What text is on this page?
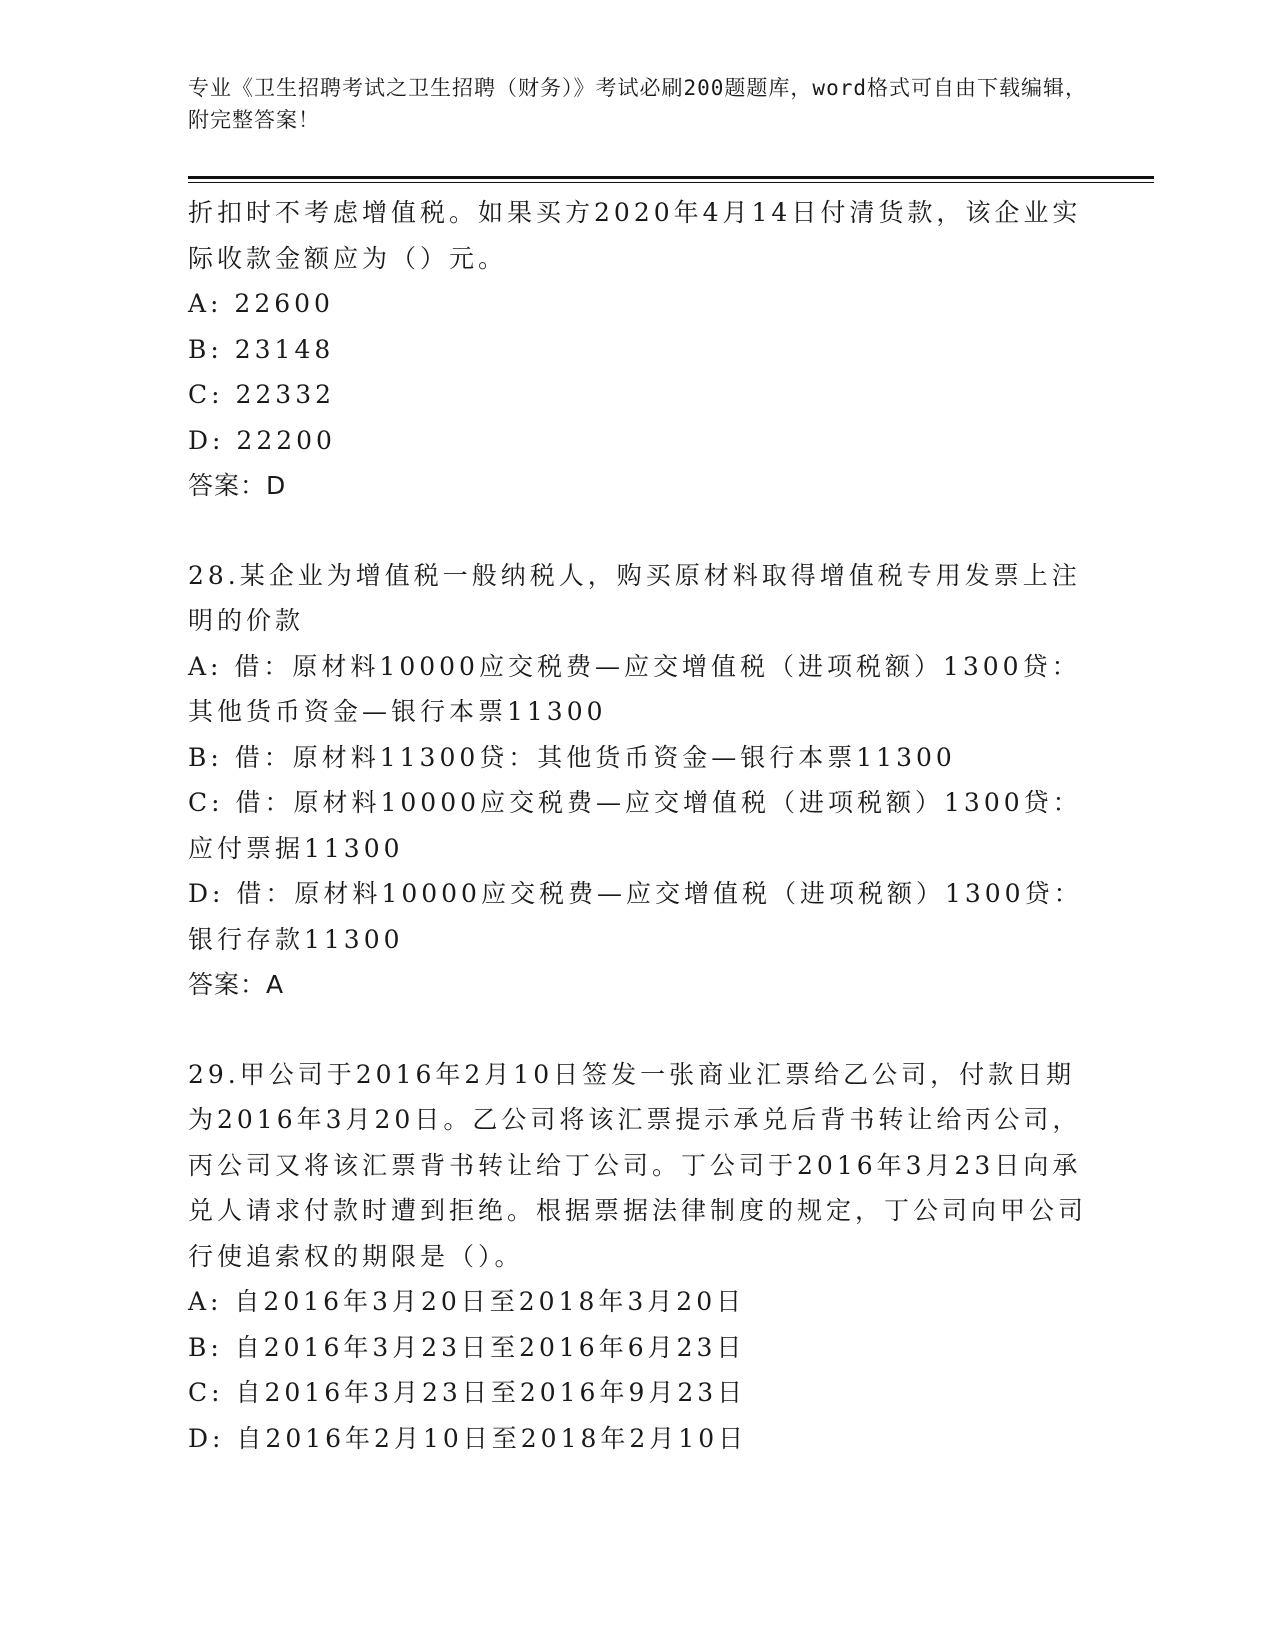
专业《卫生招聘考试之卫生招聘（财务）》考试必刷200题题库，word格式可自由下载编辑，附完整答案！

折扣时不考虑增值税。如果买方2020年4月14日付清货款，该企业实际收款金额应为（）元。

A: 22600

B: 23148

C: 22332

D: 22200

答案：D

28.某企业为增值税一般纳税人，购买原材料取得增值税专用发票上注明的价款

A: 借：原材料10000应交税费—应交增值税（进项税额）1300贷：其他货币资金—银行本票11300

B: 借：原材料11300贷：其他货币资金—银行本票11300

C: 借：原材料10000应交税费—应交增值税（进项税额）1300贷：应付票据11300

D: 借：原材料10000应交税费—应交增值税（进项税额）1300贷：银行存款11300

答案：A

29.甲公司于2016年2月10日签发一张商业汇票给乙公司，付款日期为2016年3月20日。乙公司将该汇票提示承兑后背书转让给丙公司，丙公司又将该汇票背书转让给丁公司。丁公司于2016年3月23日向承兑人请求付款时遭到拒绝。根据票据法律制度的规定，丁公司向甲公司行使追索权的期限是（）。

A: 自2016年3月20日至2018年3月20日

B: 自2016年3月23日至2016年6月23日

C: 自2016年3月23日至2016年9月23日

D: 自2016年2月10日至2018年2月10日
